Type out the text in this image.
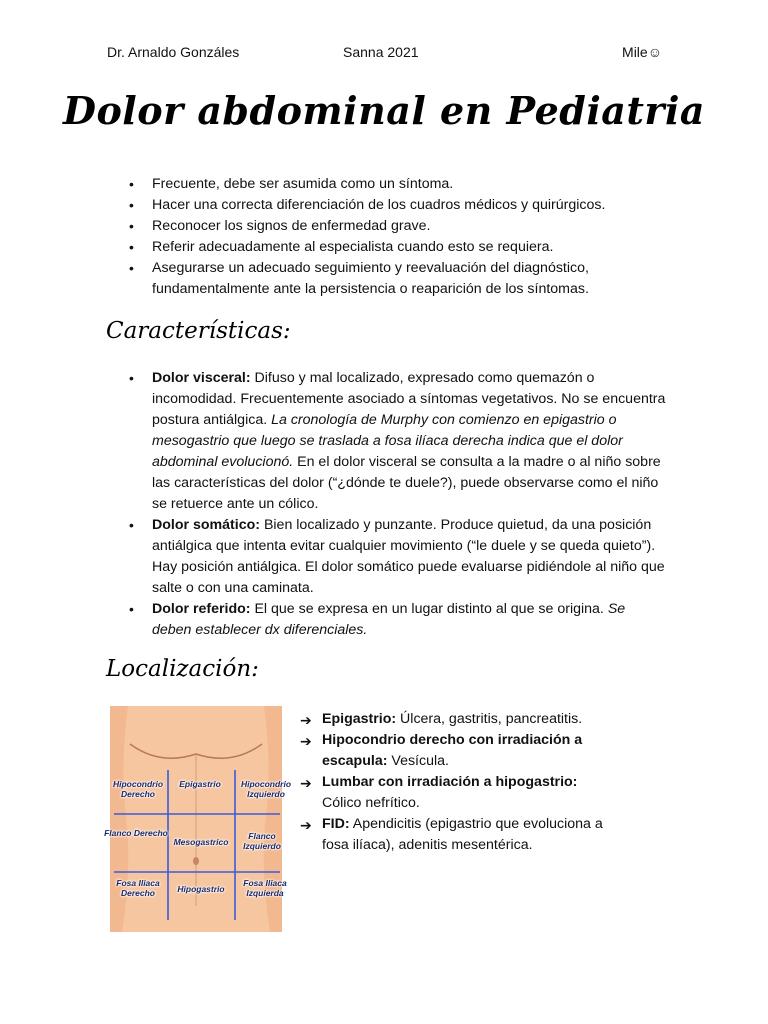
Dr. Arnaldo Gonzáles	Sanna 2021	Mile☺
Dolor abdominal en Pediatria
• Frecuente, debe ser asumida como un síntoma.
• Hacer una correcta diferenciación de los cuadros médicos y quirúrgicos.
• Reconocer los signos de enfermedad grave.
• Referir adecuadamente al especialista cuando esto se requiera.
• Asegurarse un adecuado seguimiento y reevaluación del diagnóstico, fundamentalmente ante la persistencia o reaparición de los síntomas.
Características:
• Dolor visceral: Difuso y mal localizado, expresado como quemazón o incomodidad. Frecuentemente asociado a síntomas vegetativos. No se encuentra postura antiálgica. La cronología de Murphy con comienzo en epigastrio o mesogastrio que luego se traslada a fosa ilíaca derecha indica que el dolor abdominal evolucionó. En el dolor visceral se consulta a la madre o al niño sobre las características del dolor (“¿dónde te duele?), puede observarse como el niño se retuerce ante un cólico.
• Dolor somático: Bien localizado y punzante. Produce quietud, da una posición antiálgica que intenta evitar cualquier movimiento (“le duele y se queda quieto”). Hay posición antiálgica. El dolor somático puede evaluarse pidiéndole al niño que salte o con una caminata.
• Dolor referido: El que se expresa en un lugar distinto al que se origina. Se deben establecer dx diferenciales.
Localización:
Hipocondrio Derecho
Epigastrio	Hipocondrio Izquierdo
Flanco Derecho
Mesogastrico
Flanco Izquierdo
Fosa Iliaca Derecho	Hipogastrio
Fosa Iliaca Izquierda
➔ Epigastrio: Úlcera, gastritis, pancreatitis.
➔ Hipocondrio derecho con irradiación a escapula: Vesícula.
➔ Lumbar con irradiación a hipogastrio:
Cólico nefrítico.
➔ FID: Apendicitis (epigastrio que evoluciona a fosa ilíaca), adenitis mesentérica.
